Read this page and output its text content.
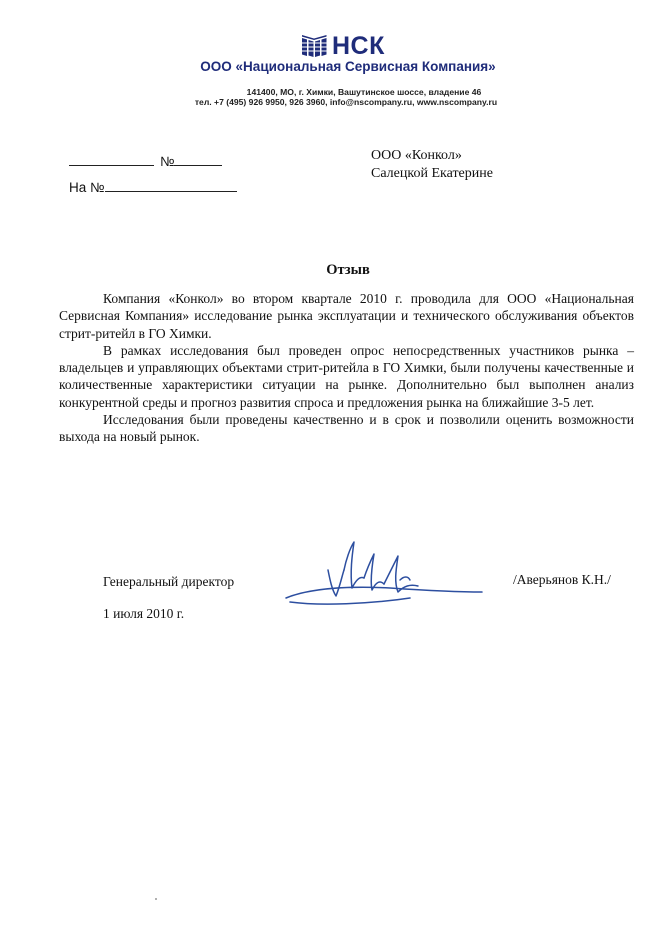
НСК
ООО «Национальная Сервисная Компания»
141400, МО, г. Химки, Вашутинское шоссе, владение 46
тел. +7 (495) 926 9950, 926 3960, info@nscompany.ru, www.nscompany.ru
№
На №
ООО «Конкол»
Салецкой Екатерине
Отзыв

Компания «Конкол» во втором квартале 2010 г. проводила для ООО «Национальная Сервисная Компания» исследование рынка эксплуатации и технического обслуживания объектов стрит-ритейл в ГО Химки.

В рамках исследования был проведен опрос непосредственных участников рынка – владельцев и управляющих объектами стрит-ритейла в ГО Химки, были получены качественные и количественные характеристики ситуации на рынке. Дополнительно был выполнен анализ конкурентной среды и прогноз развития спроса и предложения рынка на ближайшие 3-5 лет.

Исследования были проведены качественно и в срок и позволили оценить возможности выхода на новый рынок.

Генеральный директор	/Аверьянов К.Н./
1 июля 2010 г.
